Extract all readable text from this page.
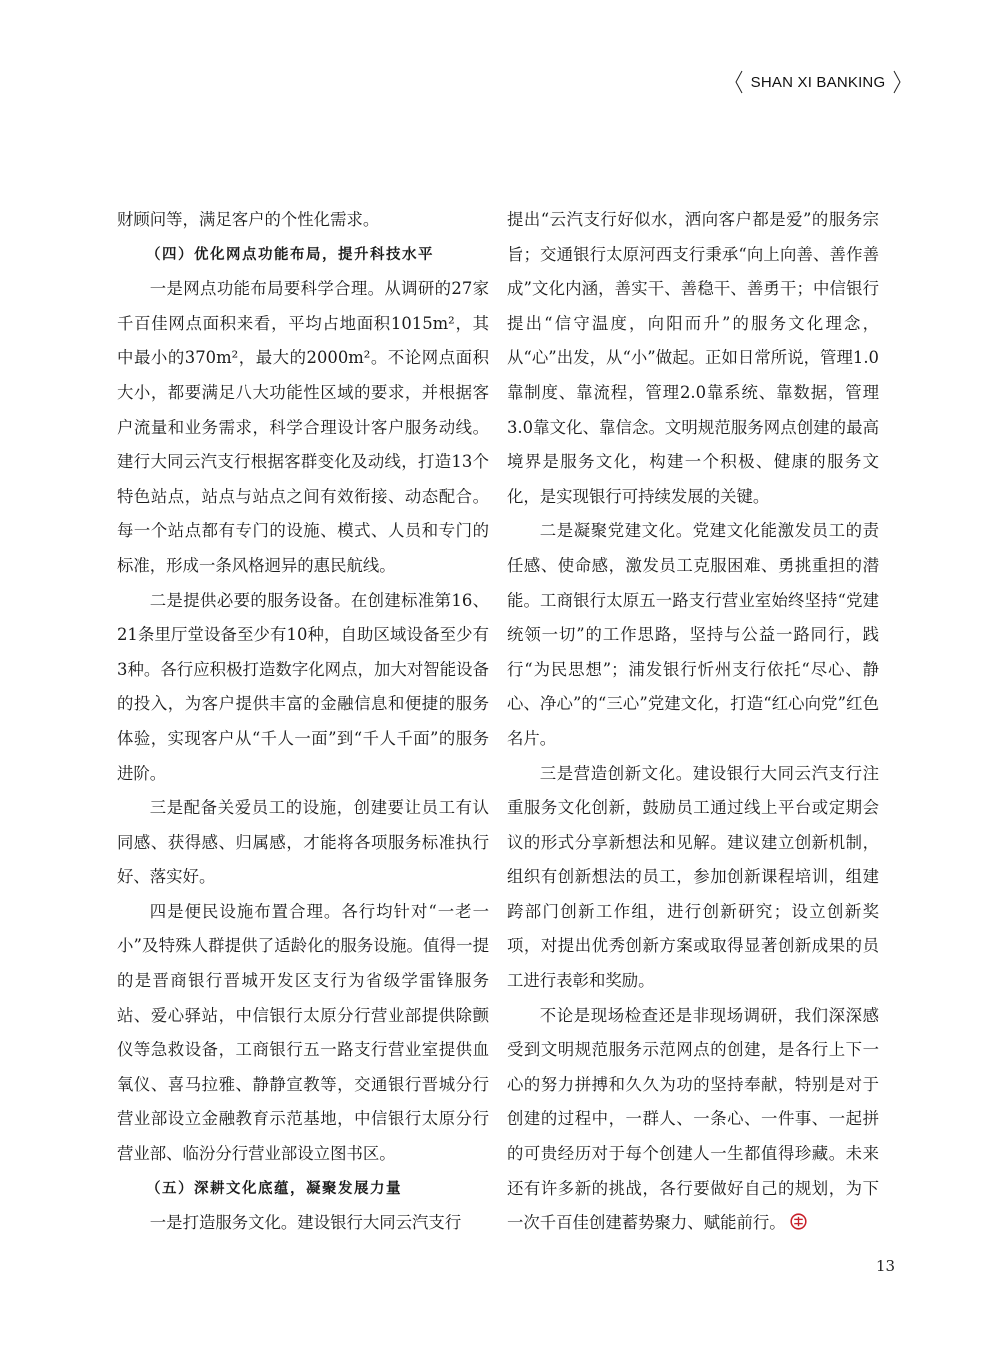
SHAN XI BANKING

财顾问等，满足客户的个性化需求。

（四）优化网点功能布局，提升科技水平

一是网点功能布局要科学合理。从调研的27家千百佳网点面积来看，平均占地面积1015m²，其中最小的370m²，最大的2000m²。不论网点面积大小，都要满足八大功能性区域的要求，并根据客户流量和业务需求，科学合理设计客户服务动线。建行大同云汽支行根据客群变化及动线，打造13个特色站点，站点与站点之间有效衔接、动态配合。每一个站点都有专门的设施、模式、人员和专门的标准，形成一条风格迥异的惠民航线。

二是提供必要的服务设备。在创建标准第16、21条里厅堂设备至少有10种，自助区域设备至少有3种。各行应积极打造数字化网点，加大对智能设备的投入，为客户提供丰富的金融信息和便捷的服务体验，实现客户从“千人一面”到“千人千面”的服务进阶。

三是配备关爱员工的设施，创建要让员工有认同感、获得感、归属感，才能将各项服务标准执行好、落实好。

四是便民设施布置合理。各行均针对“一老一小”及特殊人群提供了适龄化的服务设施。值得一提的是晋商银行晋城开发区支行为省级学雷锋服务站、爱心驿站，中信银行太原分行营业部提供除颤仪等急救设备，工商银行五一路支行营业室提供血氧仪、喜马拉雅、静静宣教等，交通银行晋城分行营业部设立金融教育示范基地，中信银行太原分行营业部、临汾分行营业部设立图书区。

（五）深耕文化底蕴，凝聚发展力量

一是打造服务文化。建设银行大同云汽支行

提出“云汽支行好似水，洒向客户都是爱”的服务宗旨；交通银行太原河西支行秉承“向上向善、善作善成”文化内涵，善实干、善稳干、善勇干；中信银行提出“信守温度，向阳而升”的服务文化理念，从“心”出发，从“小”做起。正如日常所说，管理1.0靠制度、靠流程，管理2.0靠系统、靠数据，管理3.0靠文化、靠信念。文明规范服务网点创建的最高境界是服务文化，构建一个积极、健康的服务文化，是实现银行可持续发展的关键。

二是凝聚党建文化。党建文化能激发员工的责任感、使命感，激发员工克服困难、勇挑重担的潜能。工商银行太原五一路支行营业室始终坚持“党建统领一切”的工作思路，坚持与公益一路同行，践行“为民思想”；浦发银行忻州支行依托“尽心、静心、净心”的“三心”党建文化，打造“红心向党”红色名片。

三是营造创新文化。建设银行大同云汽支行注重服务文化创新，鼓励员工通过线上平台或定期会议的形式分享新想法和见解。建议建立创新机制，组织有创新想法的员工，参加创新课程培训，组建跨部门创新工作组，进行创新研究；设立创新奖项，对提出优秀创新方案或取得显著创新成果的员工进行表彰和奖励。

不论是现场检查还是非现场调研，我们深深感受到文明规范服务示范网点的创建，是各行上下一心的努力拼搏和久久为功的坚持奉献，特别是对于创建的过程中，一群人、一条心、一件事、一起拼的可贵经历对于每个创建人一生都值得珍藏。未来还有许多新的挑战，各行要做好自己的规划，为下一次千百佳创建蓄势聚力、赋能前行。

13
